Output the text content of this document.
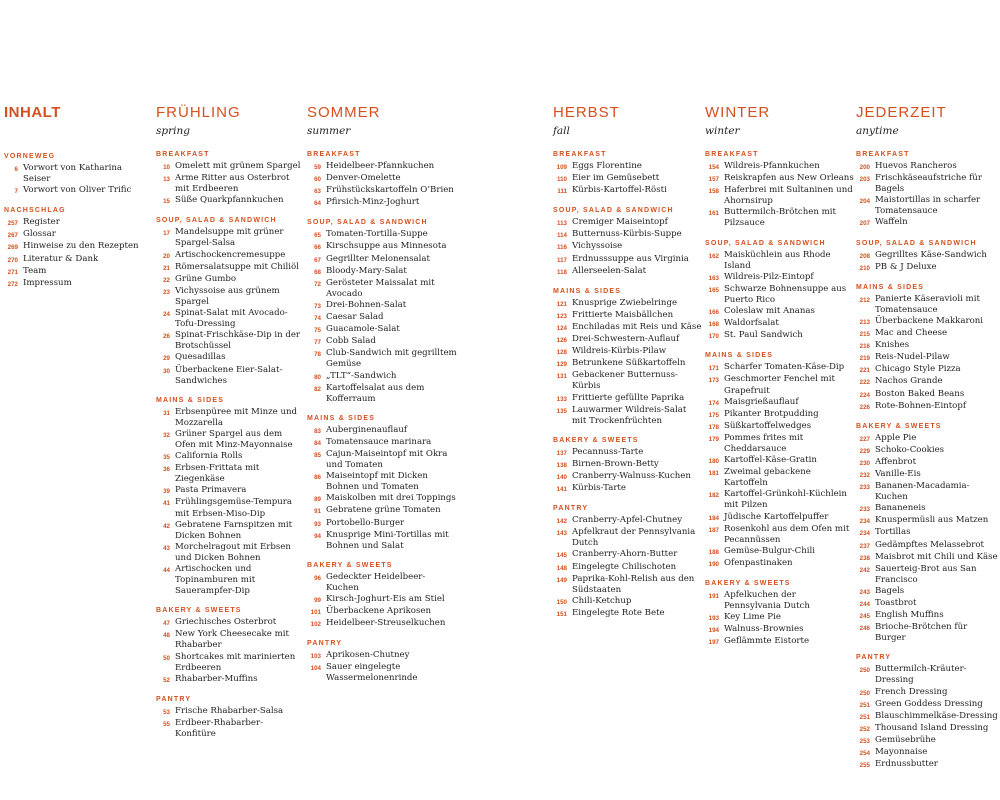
INHALT
VORNEWEG
6 Vorwort von Katharina Seiser
7 Vorwort von Oliver Trific
NACHSCHLAG
257 Register
267 Glossar
269 Hinweise zu den Rezepten
270 Literatur & Dank
271 Team
272 Impressum
FRÜHLING
spring
BREAKFAST
10 Omelett mit grünem Spargel
13 Arme Ritter aus Osterbrot mit Erdbeeren
15 Süße Quarkpfannkuchen
SOUP, SALAD & SANDWICH
17 Mandelsuppe mit grüner Spargel-Salsa
20 Artischockencremesuppe
21 Römersalatsuppe mit Chiliöl
22 Grüne Gumbo
23 Vichyssoise aus grünem Spargel
24 Spinat-Salat mit Avocado-Tofu-Dressing
26 Spinat-Frischkäse-Dip in der Brotschüssel
29 Quesadillas
30 Überbackene Eier-Salat-Sandwiches
MAINS & SIDES
31 Erbsenpüree mit Minze und Mozzarella
32 Grüner Spargel aus dem Ofen mit Minz-Mayonnaise
35 California Rolls
36 Erbsen-Frittata mit Ziegenkäse
39 Pasta Primavera
41 Frühlingsgemüse-Tempura mit Erbsen-Miso-Dip
42 Gebratene Farnspitzen mit Dicken Bohnen
43 Morchelragout mit Erbsen und Dicken Bohnen
44 Artischocken und Topinamburen mit Sauerampfer-Dip
BAKERY & SWEETS
47 Griechisches Osterbrot
48 New York Cheesecake mit Rhabarber
50 Shortcakes mit marinierten Erdbeeren
52 Rhabarber-Muffins
PANTRY
53 Frische Rhabarber-Salsa
55 Erdbeer-Rhabarber-Konfitüre
SOMMER
summer
BREAKFAST
59 Heidelbeer-Pfannkuchen
60 Denver-Omelette
63 Frühstückskartoffeln O’Brien
64 Pfirsich-Minz-Joghurt
SOUP, SALAD & SANDWICH
65 Tomaten-Tortilla-Suppe
66 Kirschsuppe aus Minnesota
67 Gegrillter Melonensalat
68 Bloody-Mary-Salat
72 Gerösteter Maissalat mit Avocado
73 Drei-Bohnen-Salat
74 Caesar Salad
75 Guacamole-Salat
77 Cobb Salad
78 Club-Sandwich mit gegrilltem Gemüse
80 „TLT“-Sandwich
82 Kartoffelsalat aus dem Kofferraum
MAINS & SIDES
83 Auberginenauflauf
84 Tomatensauce marinara
85 Cajun-Maiseintopf mit Okra und Tomaten
86 Maiseintopf mit Dicken Bohnen und Tomaten
89 Maiskolben mit drei Toppings
91 Gebratene grüne Tomaten
93 Portobello-Burger
94 Knusprige Mini-Tortillas mit Bohnen und Salat
BAKERY & SWEETS
96 Gedeckter Heidelbeer-Kuchen
99 Kirsch-Joghurt-Eis am Stiel
101 Überbackene Aprikosen
102 Heidelbeer-Streuselkuchen
PANTRY
103 Aprikosen-Chutney
104 Sauer eingelegte Wassermelonenrinde
HERBST
fall
BREAKFAST
109 Eggs Florentine
110 Eier im Gemüsebett
111 Kürbis-Kartoffel-Rösti
SOUP, SALAD & SANDWICH
113 Cremiger Maiseintopf
114 Butternuss-Kürbis-Suppe
116 Vichyssoise
117 Erdnusssuppe aus Virginia
118 Allerseelen-Salat
MAINS & SIDES
121 Knusprige Zwiebelringe
123 Frittierte Maisbällchen
124 Enchiladas mit Reis und Käse
126 Drei-Schwestern-Auflauf
128 Wildreis-Kürbis-Pilaw
129 Betrunkene Süßkartoffeln
131 Gebackener Butternuss-Kürbis
133 Frittierte gefüllte Paprika
135 Lauwarmer Wildreis-Salat mit Trockenfrüchten
BAKERY & SWEETS
137 Pecannuss-Tarte
138 Birnen-Brown-Betty
140 Cranberry-Walnuss-Kuchen
141 Kürbis-Tarte
PANTRY
142 Cranberry-Apfel-Chutney
143 Apfelkraut der Pennsylvania Dutch
145 Cranberry-Ahorn-Butter
148 Eingelegte Chilischoten
149 Paprika-Kohl-Relish aus den Südstaaten
150 Chili-Ketchup
151 Eingelegte Rote Bete
WINTER
winter
BREAKFAST
154 Wildreis-Pfannkuchen
157 Reiskrapfen aus New Orleans
158 Haferbrei mit Sultaninen und Ahornsirup
161 Buttermilch-Brötchen mit Pilzsauce
SOUP, SALAD & SANDWICH
162 Maisküchlein aus Rhode Island
163 Wildreis-Pilz-Eintopf
165 Schwarze Bohnensuppe aus Puerto Rico
166 Coleslaw mit Ananas
168 Waldorfsalat
170 St. Paul Sandwich
MAINS & SIDES
171 Scharfer Tomaten-Käse-Dip
173 Geschmorter Fenchel mit Grapefruit
174 Maisgrießauflauf
175 Pikanter Brotpudding
178 Süßkartoffelwedges
179 Pommes frites mit Cheddarsauce
180 Kartoffel-Käse-Gratin
181 Zweimal gebackene Kartoffeln
182 Kartoffel-Grünkohl-Küchlein mit Pilzen
184 Jüdische Kartoffelpuffer
187 Rosenkohl aus dem Ofen mit Pecannüssen
188 Gemüse-Bulgur-Chili
190 Ofenpastinaken
BAKERY & SWEETS
191 Apfelkuchen der Pennsylvania Dutch
193 Key Lime Pie
194 Walnuss-Brownies
197 Geflämmte Eistorte
JEDERZEIT
anytime
BREAKFAST
200 Huevos Rancheros
203 Frischkäseaufstriche für Bagels
204 Maistortillas in scharfer Tomatensauce
207 Waffeln
SOUP, SALAD & SANDWICH
208 Gegrilltes Käse-Sandwich
210 PB & J Deluxe
MAINS & SIDES
212 Panierte Käseravioli mit Tomatensauce
213 Überbackene Makkaroni
215 Mac and Cheese
216 Knishes
219 Reis-Nudel-Pilaw
221 Chicago Style Pizza
222 Nachos Grande
224 Boston Baked Beans
226 Rote-Bohnen-Eintopf
BAKERY & SWEETS
227 Apple Pie
229 Schoko-Cookies
230 Affenbrot
232 Vanille-Eis
233 Bananen-Macadamia-Kuchen
233 Bananeneis
234 Knuspermüsli aus Matzen
234 Tortillas
237 Gedämpftes Melassebrot
238 Maisbrot mit Chili und Käse
242 Sauerteig-Brot aus San Francisco
243 Bagels
244 Toastbrot
245 English Muffins
246 Brioche-Brötchen für Burger
PANTRY
250 Buttermilch-Kräuter-Dressing
250 French Dressing
251 Green Goddess Dressing
251 Blauschimmelkäse-Dressing
252 Thousand Island Dressing
253 Gemüsebrühe
254 Mayonnaise
255 Erdnussbutter
